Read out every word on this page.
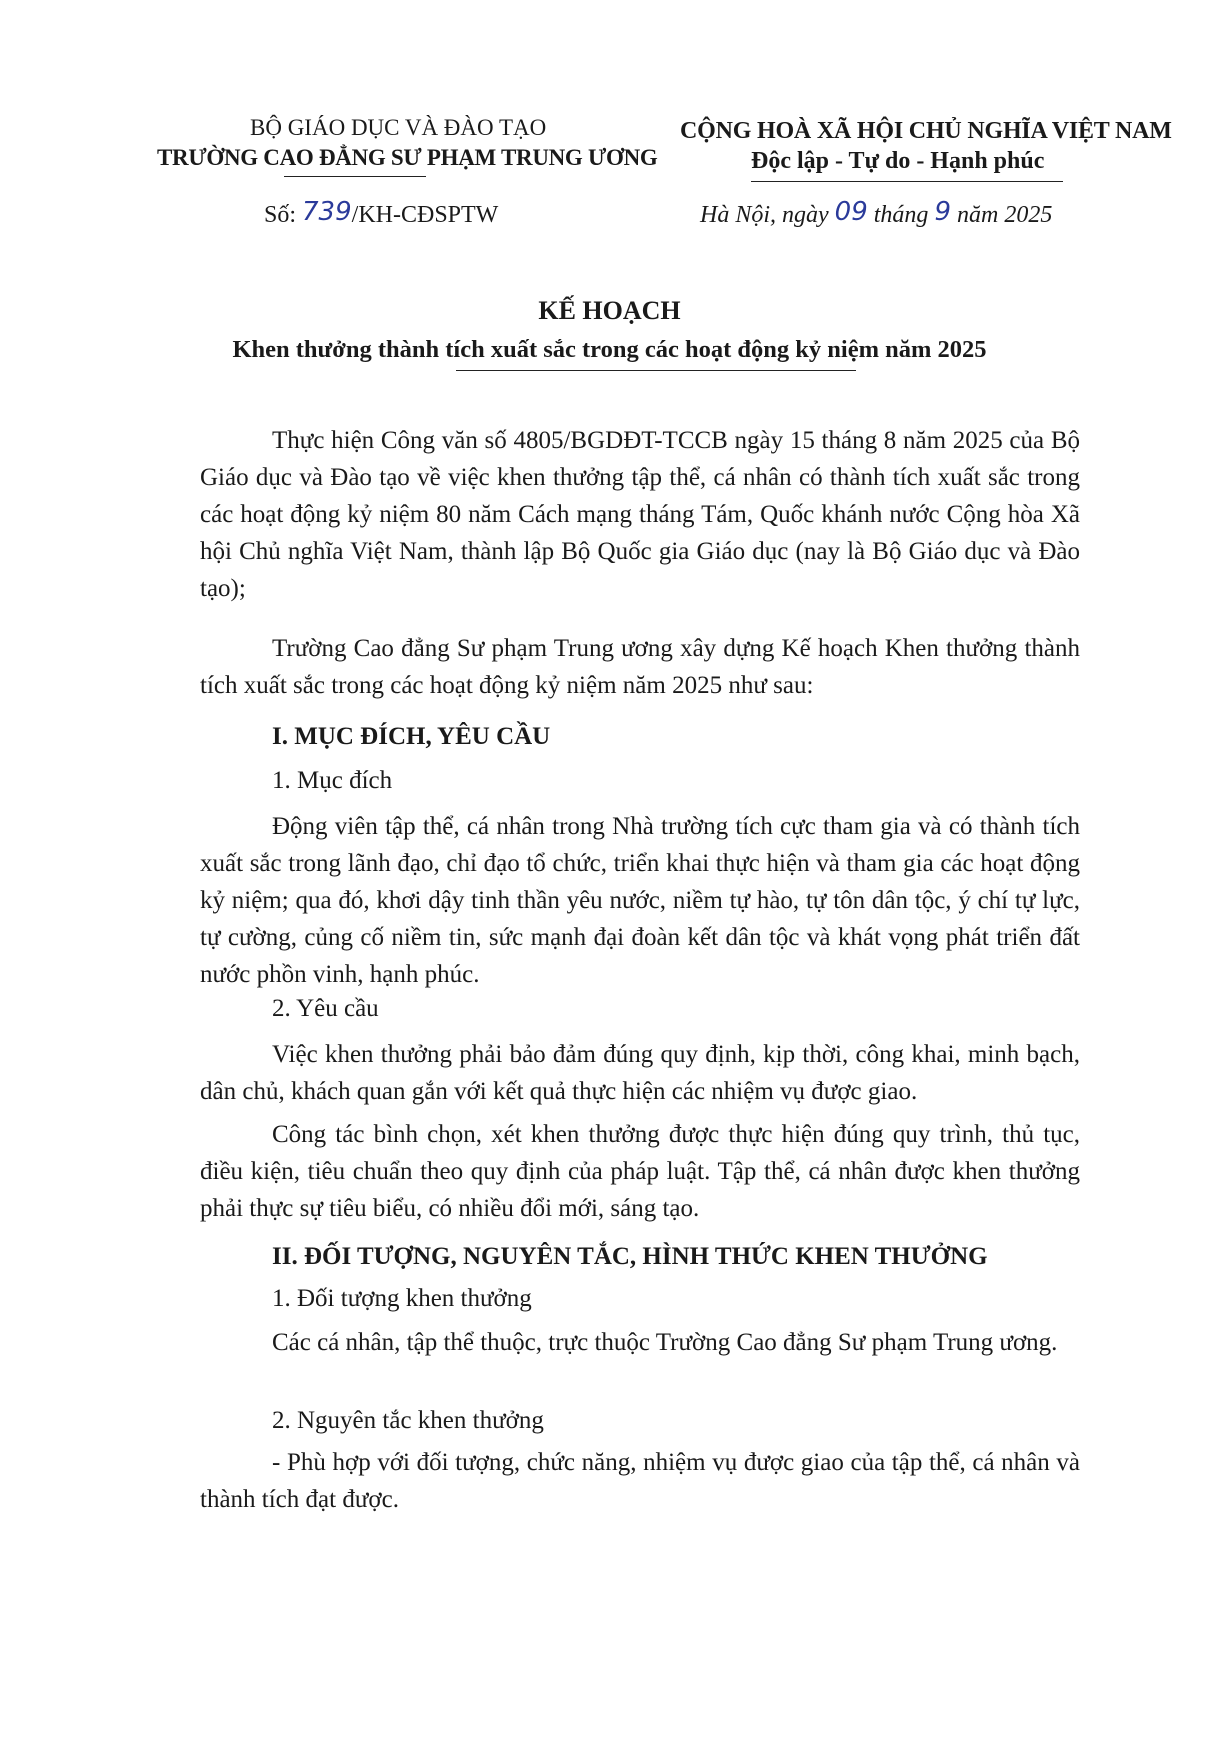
BỘ GIÁO DỤC VÀ ĐÀO TẠO
TRƯỜNG CAO ĐẲNG SƯ PHẠM TRUNG ƯƠNG
CỘNG HOÀ XÃ HỘI CHỦ NGHĨA VIỆT NAM
Độc lập - Tự do - Hạnh phúc
Số: 739/KH-CĐSPTW	Hà Nội, ngày 09 tháng 9 năm 2025
KẾ HOẠCH
Khen thưởng thành tích xuất sắc trong các hoạt động kỷ niệm năm 2025

Thực hiện Công văn số 4805/BGDĐT-TCCB ngày 15 tháng 8 năm 2025 của Bộ Giáo dục và Đào tạo về việc khen thưởng tập thể, cá nhân có thành tích xuất sắc trong các hoạt động kỷ niệm 80 năm Cách mạng tháng Tám, Quốc khánh nước Cộng hòa Xã hội Chủ nghĩa Việt Nam, thành lập Bộ Quốc gia Giáo dục (nay là Bộ Giáo dục và Đào tạo);

Trường Cao đẳng Sư phạm Trung ương xây dựng Kế hoạch Khen thưởng thành tích xuất sắc trong các hoạt động kỷ niệm năm 2025 như sau:

I. MỤC ĐÍCH, YÊU CẦU

1. Mục đích

Động viên tập thể, cá nhân trong Nhà trường tích cực tham gia và có thành tích xuất sắc trong lãnh đạo, chỉ đạo tổ chức, triển khai thực hiện và tham gia các hoạt động kỷ niệm; qua đó, khơi dậy tinh thần yêu nước, niềm tự hào, tự tôn dân tộc, ý chí tự lực, tự cường, củng cố niềm tin, sức mạnh đại đoàn kết dân tộc và khát vọng phát triển đất nước phồn vinh, hạnh phúc.

2. Yêu cầu

Việc khen thưởng phải bảo đảm đúng quy định, kịp thời, công khai, minh bạch, dân chủ, khách quan gắn với kết quả thực hiện các nhiệm vụ được giao.

Công tác bình chọn, xét khen thưởng được thực hiện đúng quy trình, thủ tục, điều kiện, tiêu chuẩn theo quy định của pháp luật. Tập thể, cá nhân được khen thưởng phải thực sự tiêu biểu, có nhiều đổi mới, sáng tạo.

II. ĐỐI TƯỢNG, NGUYÊN TẮC, HÌNH THỨC KHEN THƯỞNG

1. Đối tượng khen thưởng

Các cá nhân, tập thể thuộc, trực thuộc Trường Cao đẳng Sư phạm Trung ương.

2. Nguyên tắc khen thưởng

- Phù hợp với đối tượng, chức năng, nhiệm vụ được giao của tập thể, cá nhân và thành tích đạt được.
